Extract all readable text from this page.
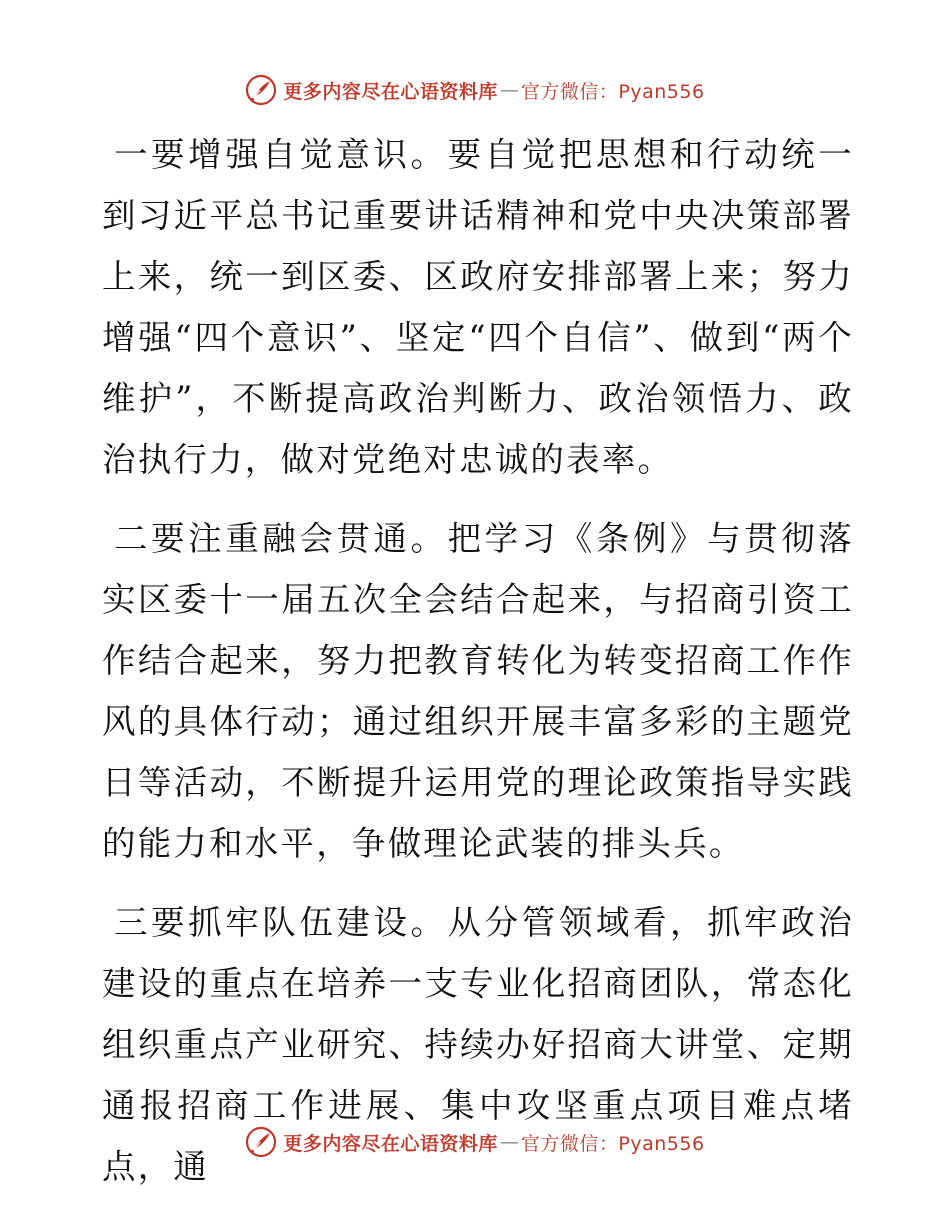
更多内容尽在心语资料库 — 官方微信：Pyan556

一要增强自觉意识。要自觉把思想和行动统一到习近平总书记重要讲话精神和党中央决策部署上来，统一到区委、区政府安排部署上来；努力增强“四个意识”、坚定“四个自信”、做到“两个维护”，不断提高政治判断力、政治领悟力、政治执行力，做对党绝对忠诚的表率。

二要注重融会贯通。把学习《条例》与贯彻落实区委十一届五次全会结合起来，与招商引资工作结合起来，努力把教育转化为转变招商工作作风的具体行动；通过组织开展丰富多彩的主题党日等活动，不断提升运用党的理论政策指导实践的能力和水平，争做理论武装的排头兵。

三要抓牢队伍建设。从分管领域看，抓牢政治建设的重点在培养一支专业化招商团队，常态化组织重点产业研究、持续办好招商大讲堂、定期通报招商工作进展、集中攻坚重点项目难点堵点，通

更多内容尽在心语资料库 — 官方微信：Pyan556
